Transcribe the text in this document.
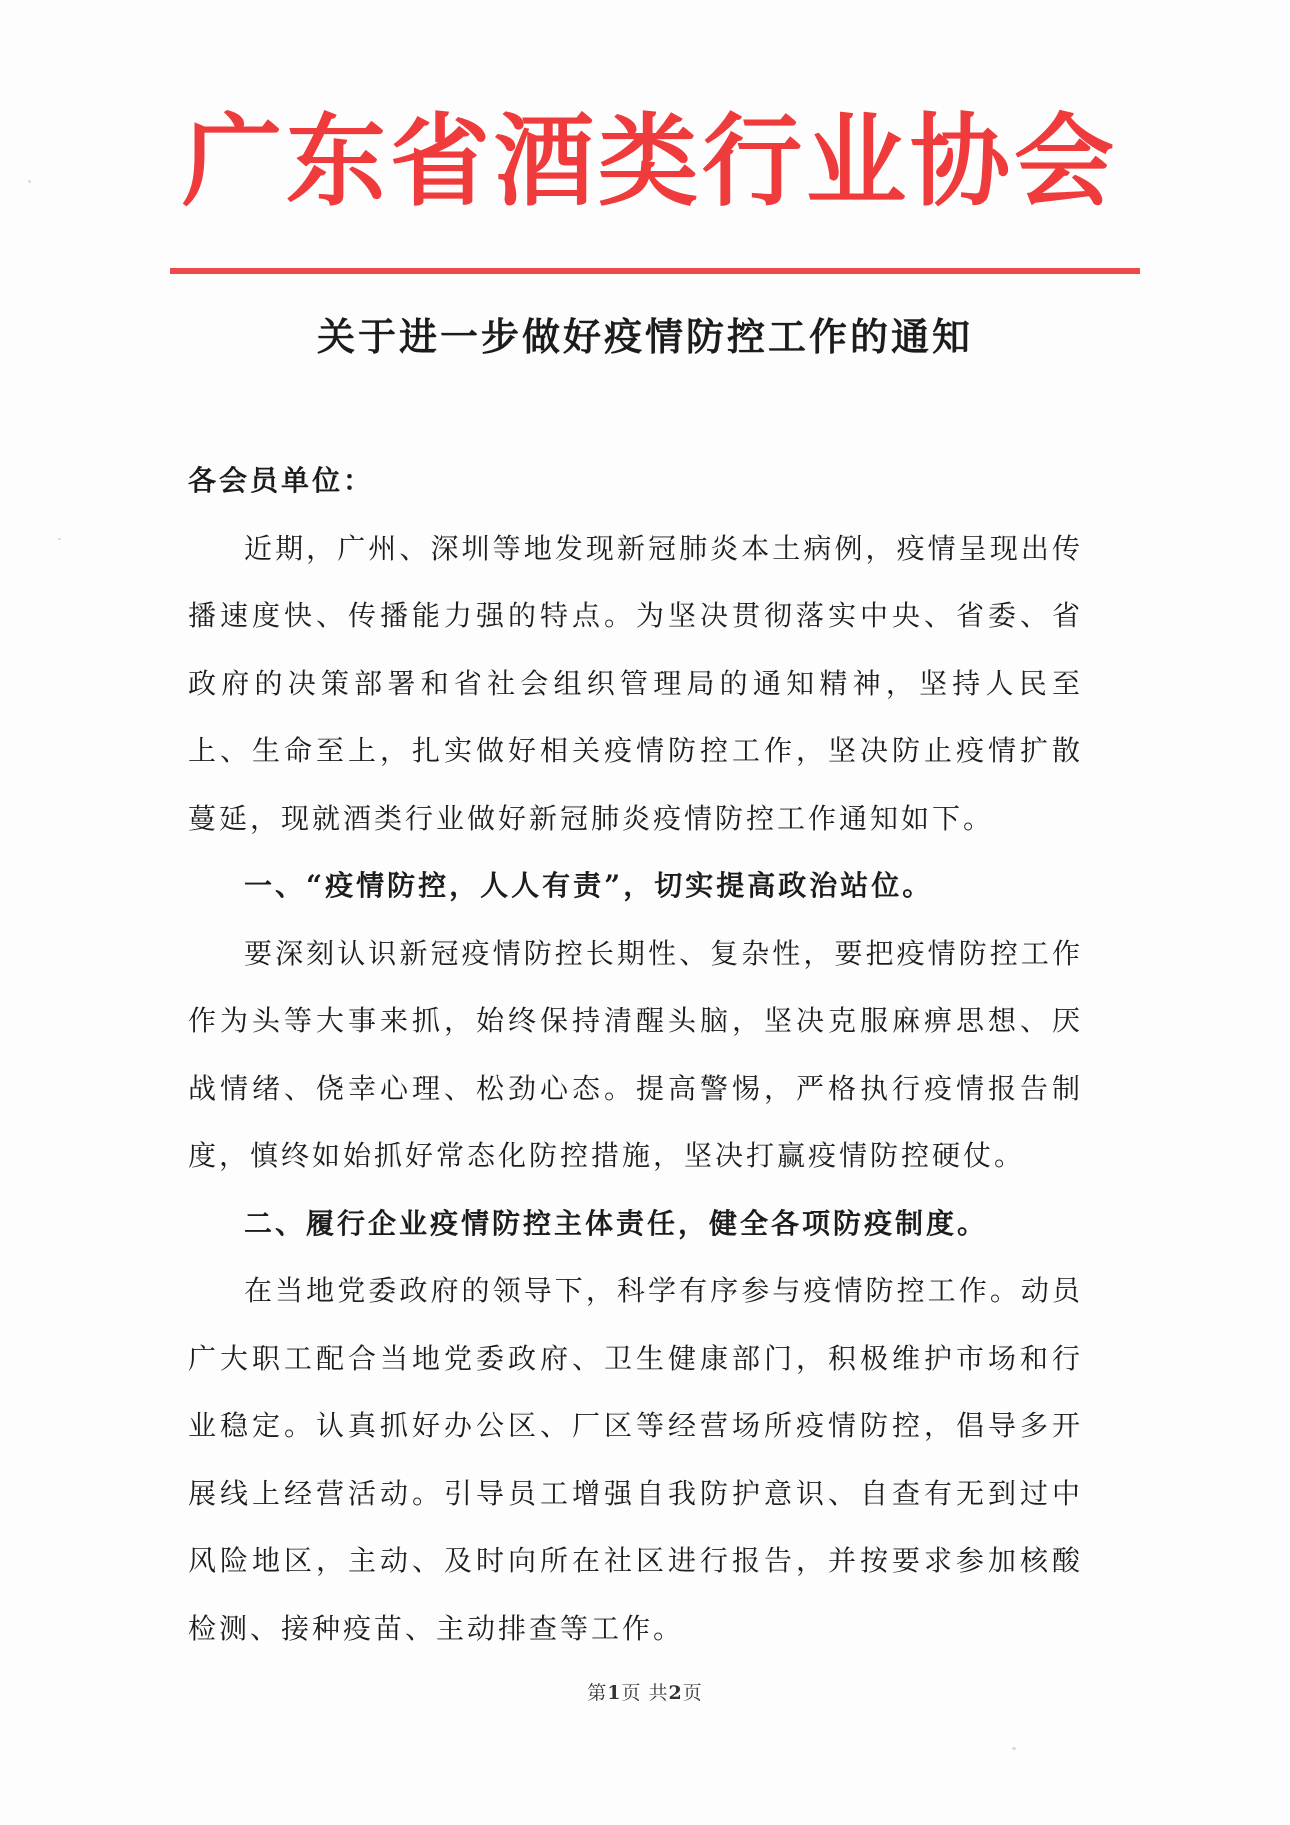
广东省酒类行业协会
关于进一步做好疫情防控工作的通知

各会员单位：

近期，广州、深圳等地发现新冠肺炎本土病例，疫情呈现出传播速度快、传播能力强的特点。为坚决贯彻落实中央、省委、省政府的决策部署和省社会组织管理局的通知精神，坚持人民至上、生命至上，扎实做好相关疫情防控工作，坚决防止疫情扩散蔓延，现就酒类行业做好新冠肺炎疫情防控工作通知如下。

一、“疫情防控，人人有责”，切实提高政治站位。

要深刻认识新冠疫情防控长期性、复杂性，要把疫情防控工作作为头等大事来抓，始终保持清醒头脑，坚决克服麻痹思想、厌战情绪、侥幸心理、松劲心态。提高警惕，严格执行疫情报告制度，慎终如始抓好常态化防控措施，坚决打赢疫情防控硬仗。

二、履行企业疫情防控主体责任，健全各项防疫制度。

在当地党委政府的领导下，科学有序参与疫情防控工作。动员广大职工配合当地党委政府、卫生健康部门，积极维护市场和行业稳定。认真抓好办公区、厂区等经营场所疫情防控，倡导多开展线上经营活动。引导员工增强自我防护意识、自查有无到过中风险地区，主动、及时向所在社区进行报告，并按要求参加核酸检测、接种疫苗、主动排查等工作。

第1页 共2页
